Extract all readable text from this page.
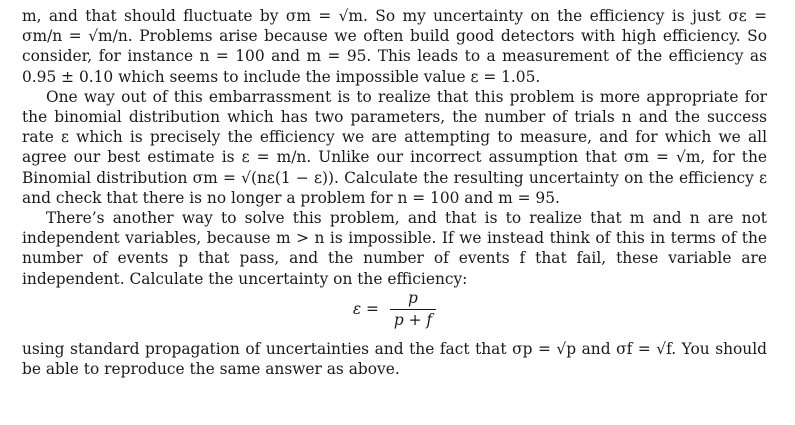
m, and that should fluctuate by σm = √m. So my uncertainty on the efficiency is just σε = σm/n = √m/n. Problems arise because we often build good detectors with high efficiency. So consider, for instance n = 100 and m = 95. This leads to a measurement of the efficiency as 0.95 ± 0.10 which seems to include the impossible value ε = 1.05.

One way out of this embarrassment is to realize that this problem is more appropriate for the binomial distribution which has two parameters, the number of trials n and the success rate ε which is precisely the efficiency we are attempting to measure, and for which we all agree our best estimate is ε = m/n. Unlike our incorrect assumption that σm = √m, for the Binomial distribution σm = √(nε(1 − ε)). Calculate the resulting uncertainty on the efficiency ε and check that there is no longer a problem for n = 100 and m = 95.

There’s another way to solve this problem, and that is to realize that m and n are not independent variables, because m > n is impossible. If we instead think of this in terms of the number of events p that pass, and the number of events f that fail, these variable are independent. Calculate the uncertainty on the efficiency:

$\varepsilon = \frac{p}{p + f}$

using standard propagation of uncertainties and the fact that σp = √p and σf = √f. You should be able to reproduce the same answer as above.
